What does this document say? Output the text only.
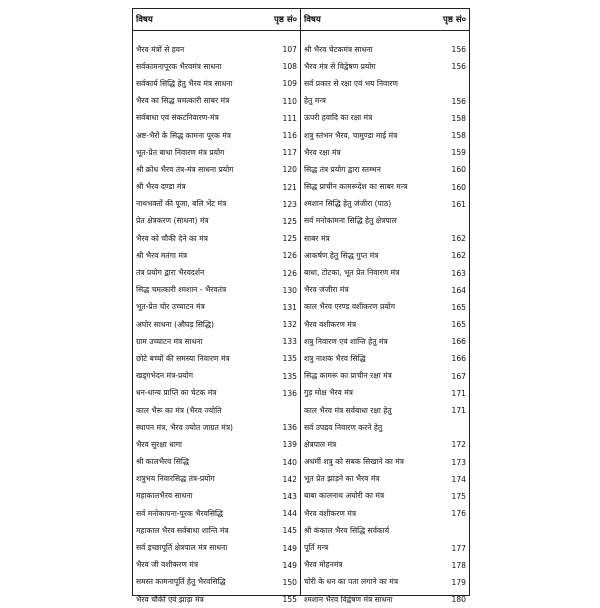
विषय	पृष्ठ सं०
भैरव मंत्रों से हवन	107
सर्वकामनापूरक भैरवमंत्र साधना	108
सर्वकार्य सिद्धि हेतु भैरव मंत्र साधना	109
भैरव का सिद्ध चमत्कारी साबर मंत्र	110
सर्वबाधा एवं संकटनिवारण-मंत्र	111
अष्ट-भैरों के सिद्ध कामना पूरक मंत्र	116
भूत-प्रेत बाधा निवारण मंत्र प्रयोग	117
श्री क्रोध भैरव तंत्र-मंत्र साधना प्रयोग	120
श्री भैरव दण्डा मंत्र	121
नाथभक्तों की पूजा, बलि भेंट मंत्र	123
प्रेत क्षेत्रकरण (साधना) मंत्र	125
भैरव को चौकी देने का मंत्र	125
श्री भैरव मतंगा मंत्र	126
तंत्र प्रयोग द्वारा भैरवदर्शन	126
सिद्ध चमत्कारी श्मशान - भैरवतंत्र	130
भूत-प्रेत चोर उच्चाटन मंत्र	131
अघोर साधना (औघड़ सिद्धि)	132
ग्राम उच्चाटन मंत्र साधना	133
छोटे बच्चों की समस्या निवारण मंत्र	135
खड्गभेदन मंत्र-प्रयोग	135
धन-धान्य प्राप्ति का चेटक मंत्र	136
काल भैरू का मंत्र (भैरव ज्योति
स्थापन मंत्र, भैरव ज्योत जाग्रत मंत्र)	136
भैरव सुरक्षा धागा	139
श्री कालभैरव सिद्धि	140
शत्रुभय निवारसिद्ध तंत्र-प्रयोग	142
महाकालभैरव साधना	143
सर्व मनोकापना-पूरक भैरवसिद्धि	144
महाकाल भैरव सर्वबाधा शान्ति मंत्र	145
सर्व इच्छापूर्ति क्षेत्रपाल मंत्र साधना	149
भैरव जी वशीकरण मंत्र	149
समस्त कामनापूर्ति हेतु भैरवसिद्धि	150
भैरव चौकी एवं झाड़ा मंत्र	155
विषय	पृष्ठ सं०
श्री भैरव चेटकमंत्र साधना	156
भैरव मंत्र से विद्वेषण प्रयोग	156
सर्व प्रकार से रक्षा एवं भय निवारण
हेतु मन्त्र	156
ऊपरी हवादि का रक्षा मंत्र	158
शत्रु स्तंभन भैरव, चामुण्डा माई मंत्र	158
भैरव रक्षा मंत्र	159
सिद्ध तंत्र प्रयोग द्वारा स्तम्भन	160
सिद्ध प्राचीन कामरूदेश का साबर मन्त्र	160
श्मशान सिद्धि हेतु जंजीरा (पाठ)	161
सर्व मनोकामना सिद्धि हेतु क्षेत्रपाल
साबर मंत्र	162
आकर्षण हेतु सिद्ध गुप्त मंत्र	162
बाधा, टोटका, भूत प्रेत निवारण मंत्र	163
भैरव जंजीरा मंत्र	164
काल भैरव एरण्ड वशीकरण प्रयोग	165
भैरव वशीकरण मंत्र	165
शत्रु निवारण एवं शान्ति हेतु मंत्र	166
शत्रु नाशक भैरव सिद्धि	166
सिद्ध कामरू का प्राचीन रक्षा मंत्र	167
गुड़ मोक्ष भैरव मंत्र	171
काल भैरव मंत्र सर्वबाधा रक्षा हेतु	171
सर्व उपद्रव निवारण करने हेतु
क्षेत्रपाल मंत्र	172
अधर्मी शत्रु को सबक सिखाने का मंत्र	173
भूत प्रेत झाड़ने का भैरव मंत्र	174
बाबा कालनाथ अघोरी का मंत्र	175
भैरव वशीकरण मंत्र	176
श्री कंकाल भैरव सिद्धि सर्वकार्य
पूर्ति मन्त्र	177
भैरव मोहनमंत्र	178
चोरी के धन का पता लगाने का मंत्र	179
श्मशान भैरव विद्वेषण मंत्र साधना	180
